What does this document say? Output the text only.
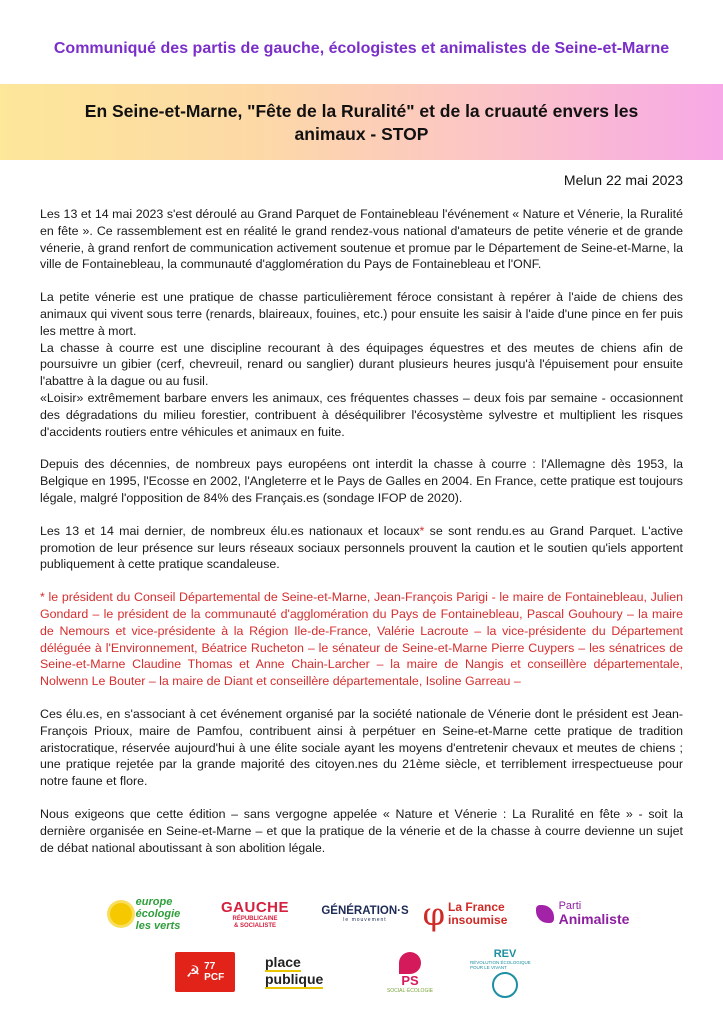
Communiqué des partis de gauche, écologistes et animalistes de Seine-et-Marne
En Seine-et-Marne, "Fête de la Ruralité" et de la cruauté envers les
animaux - STOP
Melun 22 mai 2023

Les 13 et 14 mai 2023 s'est déroulé au Grand Parquet de Fontainebleau l'événement « Nature et Vénerie, la Ruralité en fête ». Ce rassemblement est en réalité le grand rendez-vous national d'amateurs de petite vénerie et de grande vénerie, à grand renfort de communication activement soutenue et promue par le Département de Seine-et-Marne, la ville de Fontainebleau, la communauté d'agglomération du Pays de Fontainebleau et l'ONF.

La petite vénerie est une pratique de chasse particulièrement féroce consistant à repérer à l'aide de chiens des animaux qui vivent sous terre (renards, blaireaux, fouines, etc.) pour ensuite les saisir à l'aide d'une pince en fer puis les mettre à mort.

La chasse à courre est une discipline recourant à des équipages équestres et des meutes de chiens afin de poursuivre un gibier (cerf, chevreuil, renard ou sanglier) durant plusieurs heures jusqu'à l'épuisement pour ensuite l'abattre à la dague ou au fusil.

«Loisir» extrêmement barbare envers les animaux, ces fréquentes chasses – deux fois par semaine - occasionnent des dégradations du milieu forestier, contribuent à déséquilibrer l'écosystème sylvestre et multiplient les risques d'accidents routiers entre véhicules et animaux en fuite.

Depuis des décennies, de nombreux pays européens ont interdit la chasse à courre : l'Allemagne dès 1953, la Belgique en 1995, l'Ecosse en 2002, l'Angleterre et le Pays de Galles en 2004. En France, cette pratique est toujours légale, malgré l'opposition de 84% des Français.es (sondage IFOP de 2020).

Les 13 et 14 mai dernier, de nombreux élu.es nationaux et locaux* se sont rendu.es au Grand Parquet. L'active promotion de leur présence sur leurs réseaux sociaux personnels prouvent la caution et le soutien qu'iels apportent publiquement à cette pratique scandaleuse.

* le président du Conseil Départemental de Seine-et-Marne, Jean-François Parigi - le maire de Fontainebleau, Julien Gondard – le président de la communauté d'agglomération du Pays de Fontainebleau, Pascal Gouhoury – la maire de Nemours et vice-présidente à la Région Ile-de-France, Valérie Lacroute – la vice-présidente du Département déléguée à l'Environnement, Béatrice Rucheton – le sénateur de Seine-et-Marne Pierre Cuypers – les sénatrices de Seine-et-Marne Claudine Thomas et Anne Chain-Larcher – la maire de Nangis et conseillère départementale, Nolwenn Le Bouter – la maire de Diant et conseillère départementale, Isoline Garreau –

Ces élu.es, en s'associant à cet événement organisé par la société nationale de Vénerie dont le président est Jean-François Prioux, maire de Pamfou, contribuent ainsi à perpétuer en Seine-et-Marne cette pratique de tradition aristocratique, réservée aujourd'hui à une élite sociale ayant les moyens d'entretenir chevaux et meutes de chiens ; une pratique rejetée par la grande majorité des citoyen.nes du 21ème siècle, et terriblement irrespectueuse pour notre faune et flore.

Nous exigeons que cette édition – sans vergogne appelée « Nature et Vénerie : La Ruralité en fête » - soit la dernière organisée en Seine-et-Marne – et que la pratique de la vénerie et de la chasse à courre devienne un sujet de débat national aboutissant à son abolition légale.

europe
écologie
les verts
GAUCHE
RÉPUBLICAINE
& SOCIALISTE
GÉNÉRATION·S
le mouvement φ La France
insoumise
Parti
Animaliste
☭ 77
PCF
place
publique	PS
SOCIAL·ÉCOLOGIE
REV
RÉVOLUTION ÉCOLOGIQUE POUR LE VIVANT
